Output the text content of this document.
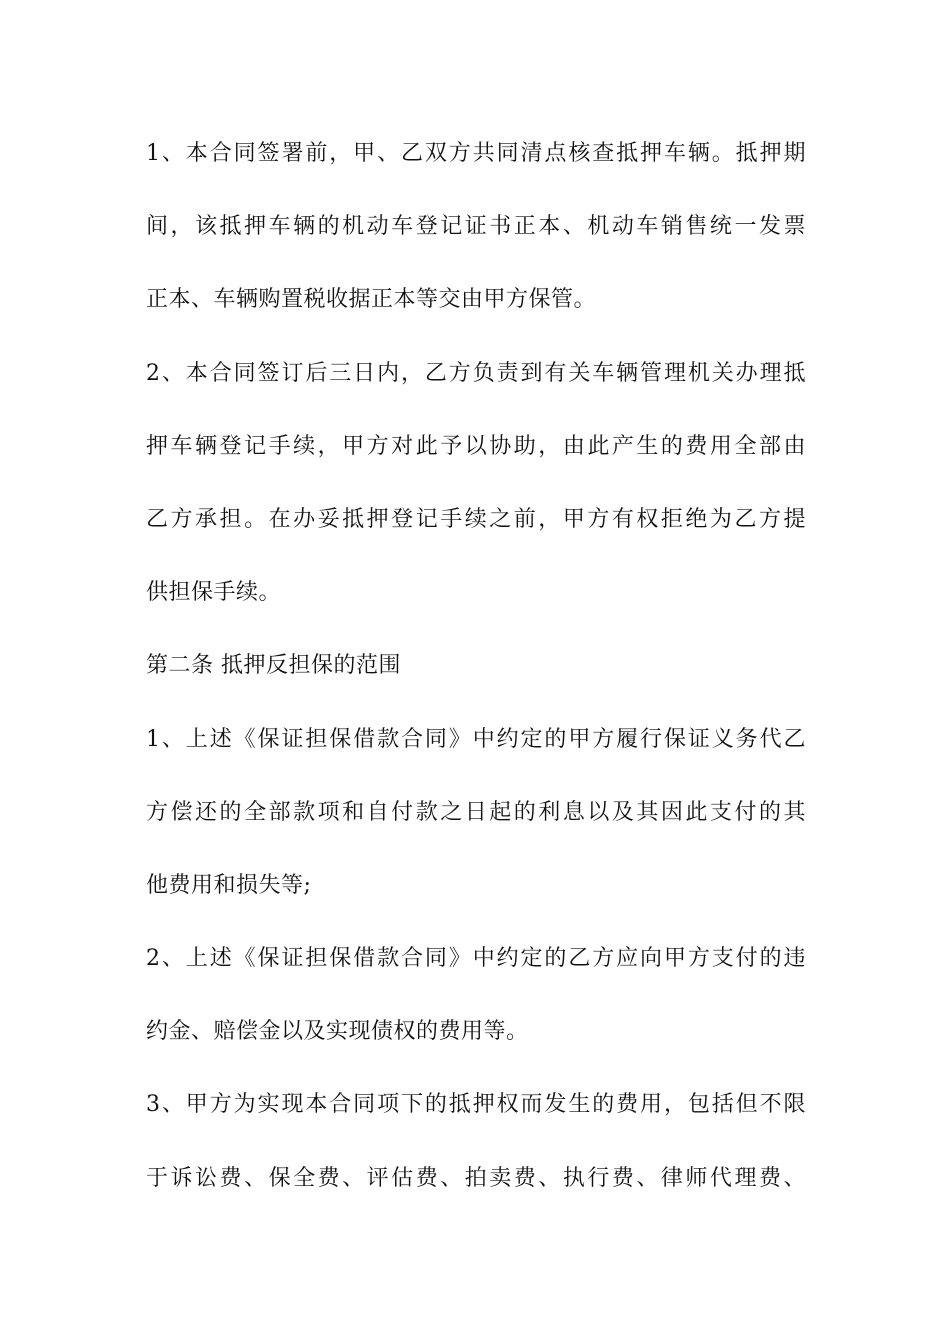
1、本合同签署前，甲、乙双方共同清点核查抵押车辆。抵押期
间，该抵押车辆的机动车登记证书正本、机动车销售统一发票
正本、车辆购置税收据正本等交由甲方保管。
2、本合同签订后三日内，乙方负责到有关车辆管理机关办理抵
押车辆登记手续，甲方对此予以协助，由此产生的费用全部由
乙方承担。在办妥抵押登记手续之前，甲方有权拒绝为乙方提
供担保手续。
第二条 抵押反担保的范围
1、上述《保证担保借款合同》中约定的甲方履行保证义务代乙
方偿还的全部款项和自付款之日起的利息以及其因此支付的其
他费用和损失等;
2、上述《保证担保借款合同》中约定的乙方应向甲方支付的违
约金、赔偿金以及实现债权的费用等。
3、甲方为实现本合同项下的抵押权而发生的费用，包括但不限
于诉讼费、保全费、评估费、拍卖费、执行费、律师代理费、
